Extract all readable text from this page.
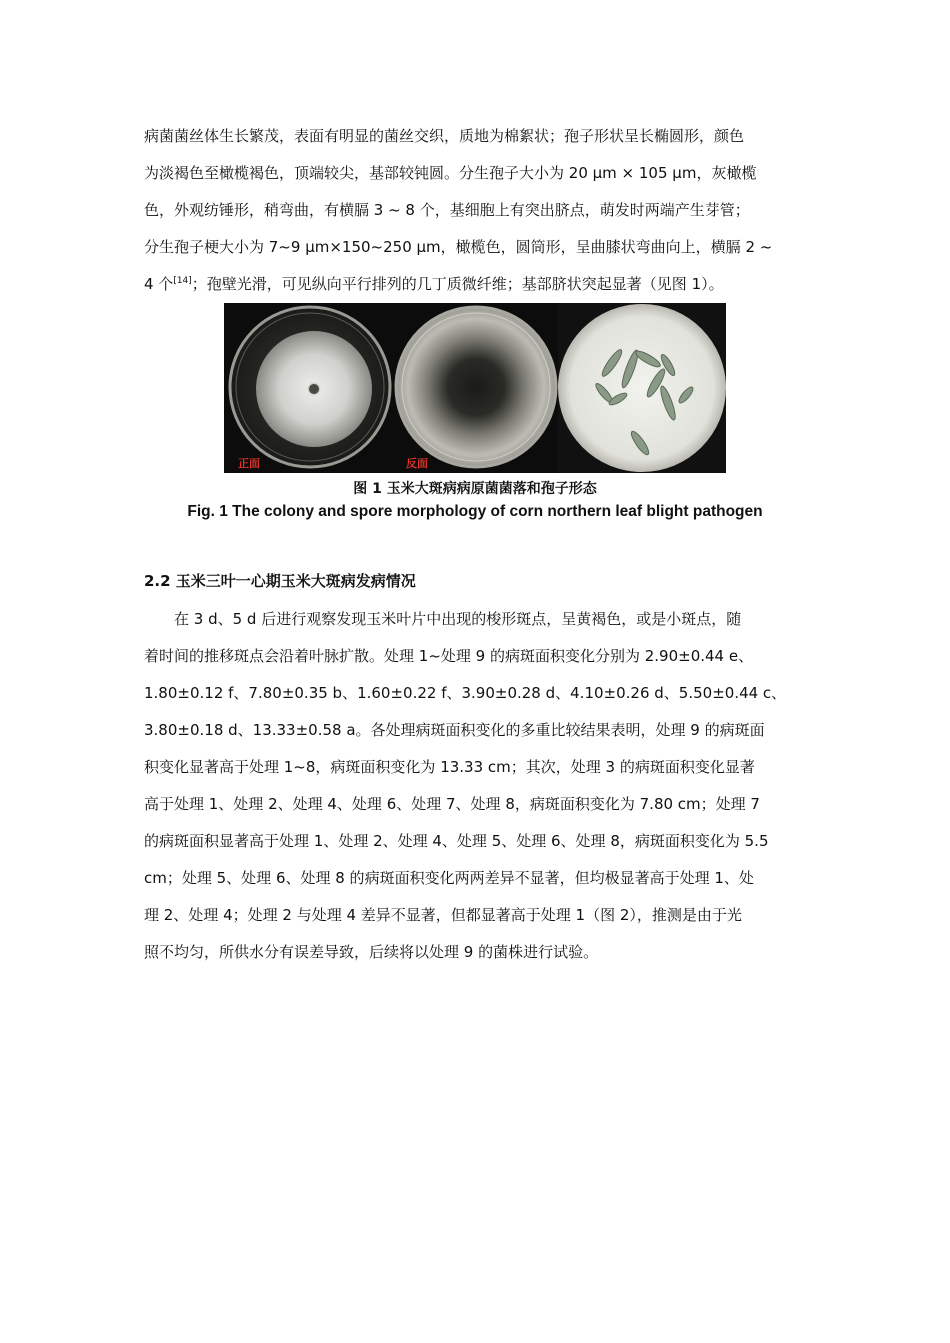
病菌菌丝体生长繁茂，表面有明显的菌丝交织，质地为棉絮状；孢子形状呈长椭圆形，颜色
为淡褐色至橄榄褐色，顶端较尖，基部较钝圆。分生孢子大小为 20 μm × 105 μm，灰橄榄
色，外观纺锤形，稍弯曲，有横膈 3 ~ 8 个，基细胞上有突出脐点，萌发时两端产生芽管；
分生孢子梗大小为 7~9 μm×150~250 μm，橄榄色，圆筒形，呈曲膝状弯曲向上，横膈 2 ~
4 个[14]；孢壁光滑，可见纵向平行排列的几丁质微纤维；基部脐状突起显著（见图 1）。
正面	反面
图 1 玉米大斑病病原菌菌落和孢子形态
Fig. 1 The colony and spore morphology of corn northern leaf blight pathogen
2.2 玉米三叶一心期玉米大斑病发病情况
　　在 3 d、5 d 后进行观察发现玉米叶片中出现的梭形斑点，呈黄褐色，或是小斑点，随
着时间的推移斑点会沿着叶脉扩散。处理 1~处理 9 的病斑面积变化分别为 2.90±0.44 e、
1.80±0.12 f、7.80±0.35 b、1.60±0.22 f、3.90±0.28 d、4.10±0.26 d、5.50±0.44 c、
3.80±0.18 d、13.33±0.58 a。各处理病斑面积变化的多重比较结果表明，处理 9 的病斑面
积变化显著高于处理 1~8，病斑面积变化为 13.33 cm；其次，处理 3 的病斑面积变化显著
高于处理 1、处理 2、处理 4、处理 6、处理 7、处理 8，病斑面积变化为 7.80 cm；处理 7
的病斑面积显著高于处理 1、处理 2、处理 4、处理 5、处理 6、处理 8，病斑面积变化为 5.5
cm；处理 5、处理 6、处理 8 的病斑面积变化两两差异不显著，但均极显著高于处理 1、处
理 2、处理 4；处理 2 与处理 4 差异不显著，但都显著高于处理 1（图 2），推测是由于光
照不均匀，所供水分有误差导致，后续将以处理 9 的菌株进行试验。
